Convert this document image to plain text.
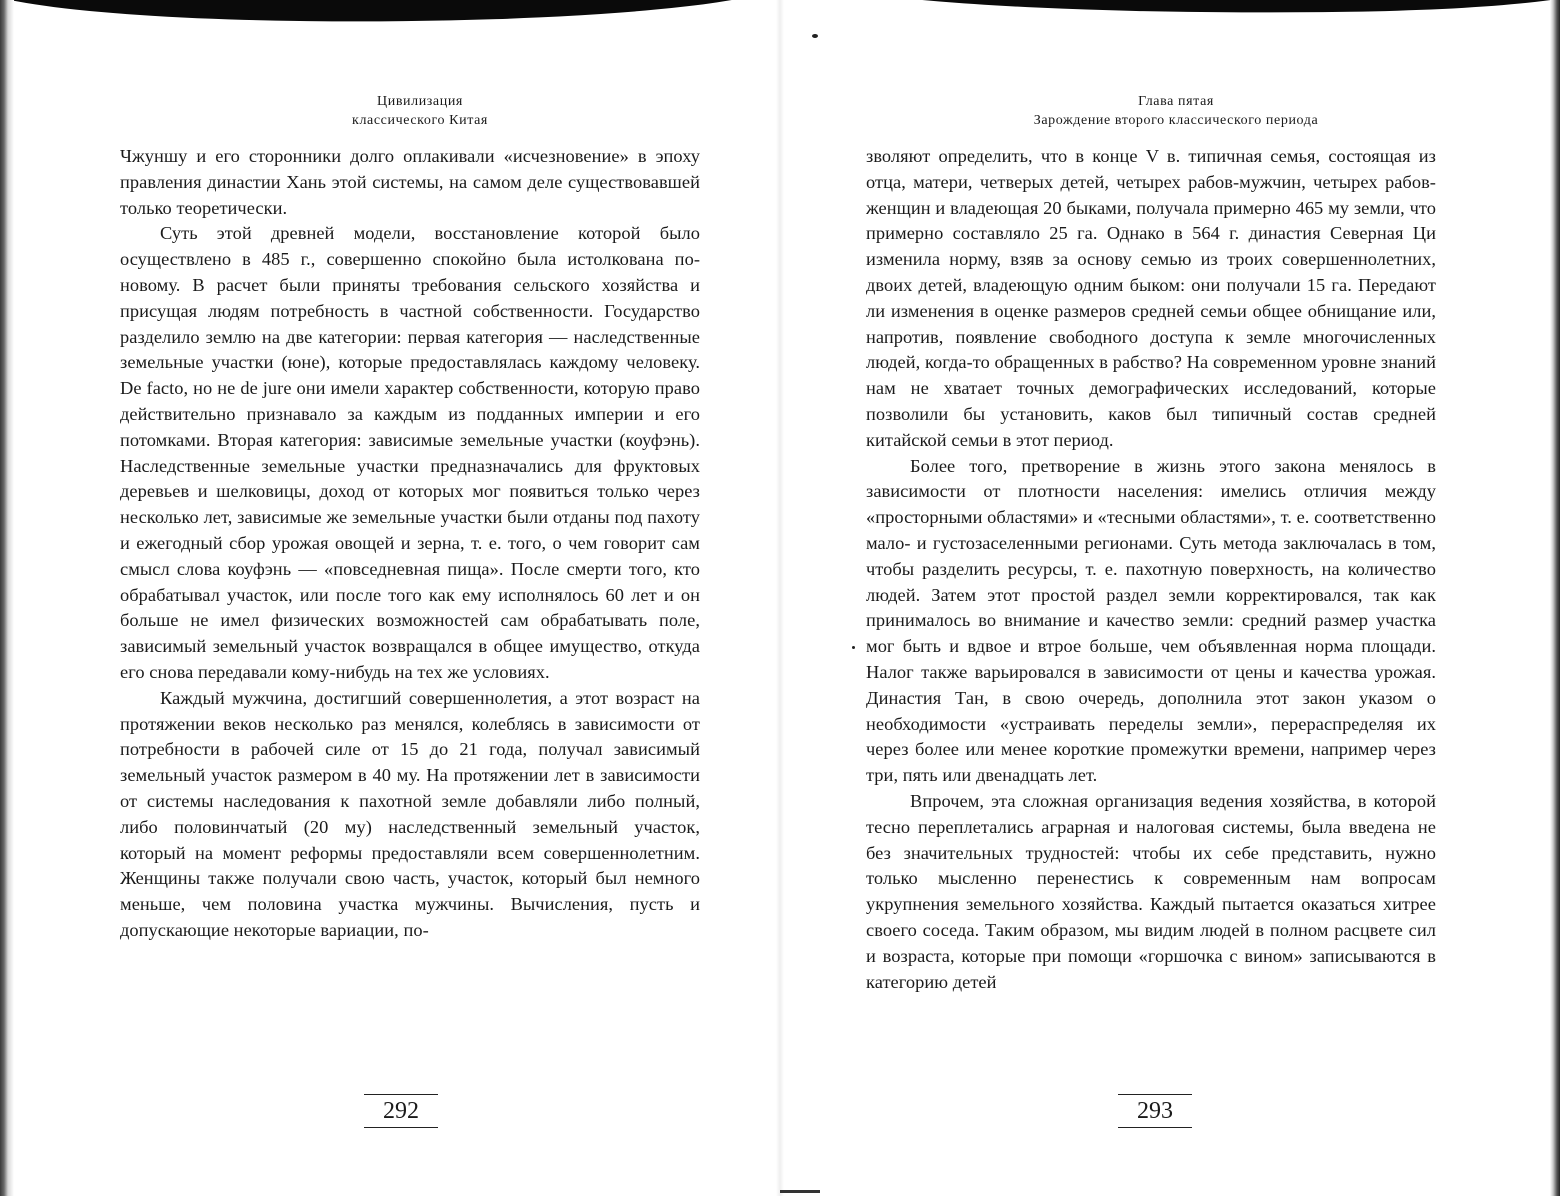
Цивилизация
классического Китая

Чжуншу и его сторонники долго оплакивали «исчезновение» в эпоху правления династии Хань этой системы, на самом деле существовавшей только теоретически.

Суть этой древней модели, восстановление которой было осуществлено в 485 г., совершенно спокойно была истолкована по-новому. В расчет были приняты требования сельского хозяйства и присущая людям потребность в частной собственности. Государство разделило землю на две категории: первая категория — наследственные земельные участки (юне), которые предоставлялась каждому человеку. De facto, но не de jure они имели характер собственности, которую право действительно признавало за каждым из подданных империи и его потомками. Вторая категория: зависимые земельные участки (коуфэнь). Наследственные земельные участки предназначались для фруктовых деревьев и шелковицы, доход от которых мог появиться только через несколько лет, зависимые же земельные участки были отданы под пахоту и ежегодный сбор урожая овощей и зерна, т. е. того, о чем говорит сам смысл слова коуфэнь — «повседневная пища». После смерти того, кто обрабатывал участок, или после того как ему исполнялось 60 лет и он больше не имел физических возможностей сам обрабатывать поле, зависимый земельный участок возвращался в общее имущество, откуда его снова передавали кому-нибудь на тех же условиях.

Каждый мужчина, достигший совершеннолетия, а этот возраст на протяжении веков несколько раз менялся, колеблясь в зависимости от потребности в рабочей силе от 15 до 21 года, получал зависимый земельный участок размером в 40 му. На протяжении лет в зависимости от системы наследования к пахотной земле добавляли либо полный, либо половинчатый (20 му) наследственный земельный участок, который на момент реформы предоставляли всем совершеннолетним. Женщины также получали свою часть, участок, который был немного меньше, чем половина участка мужчины. Вычисления, пусть и допускающие некоторые вариации, по-

292
Глава пятая
Зарождение второго классического периода

зволяют определить, что в конце V в. типичная семья, состоящая из отца, матери, четверых детей, четырех рабов-мужчин, четырех рабов-женщин и владеющая 20 быками, получала примерно 465 му земли, что примерно составляло 25 га. Однако в 564 г. династия Северная Ци изменила норму, взяв за основу семью из троих совершеннолетних, двоих детей, владеющую одним быком: они получали 15 га. Передают ли изменения в оценке размеров средней семьи общее обнищание или, напротив, появление свободного доступа к земле многочисленных людей, когда-то обращенных в рабство? На современном уровне знаний нам не хватает точных демографических исследований, которые позволили бы установить, каков был типичный состав средней китайской семьи в этот период.

Более того, претворение в жизнь этого закона менялось в зависимости от плотности населения: имелись отличия между «просторными областями» и «тесными областями», т. е. соответственно мало- и густозаселенными регионами. Суть метода заключалась в том, чтобы разделить ресурсы, т. е. пахотную поверхность, на количество людей. Затем этот простой раздел земли корректировался, так как принималось во внимание и качество земли: средний размер участка мог быть и вдвое и втрое больше, чем объявленная норма площади. Налог также варьировался в зависимости от цены и качества урожая. Династия Тан, в свою очередь, дополнила этот закон указом о необходимости «устраивать переделы земли», перераспределяя их через более или менее короткие промежутки времени, например через три, пять или двенадцать лет.

Впрочем, эта сложная организация ведения хозяйства, в которой тесно переплетались аграрная и налоговая системы, была введена не без значительных трудностей: чтобы их себе представить, нужно только мысленно перенестись к современным нам вопросам укрупнения земельного хозяйства. Каждый пытается оказаться хитрее своего соседа. Таким образом, мы видим людей в полном расцвете сил и возраста, которые при помощи «горшочка с вином» записываются в категорию детей

293
